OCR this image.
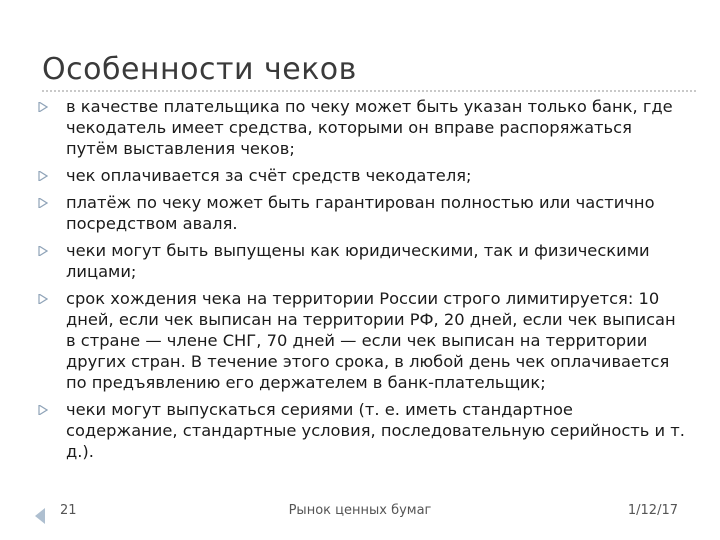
Особенности чеков
в качестве плательщика по чеку может быть указан только банк, где чекодатель имеет средства, которыми он вправе распоряжаться путём выставления чеков;
чек оплачивается за счёт средств чекодателя;
платёж по чеку может быть гарантирован полностью или частично посредством аваля.
чеки могут быть выпущены как юридическими, так и физическими лицами;
срок хождения чека на территории России строго лимитируется: 10 дней, если чек выписан на территории РФ, 20 дней, если чек выписан в стране — члене СНГ, 70 дней — если чек выписан на территории других стран. В течение этого срока, в любой день чек оплачивается по предъявлению его держателем в банк-плательщик;
чеки могут выпускаться сериями (т. е. иметь стандартное содержание, стандартные условия, последовательную серийность и т. д.).
21	Рынок ценных бумаг	1/12/17
